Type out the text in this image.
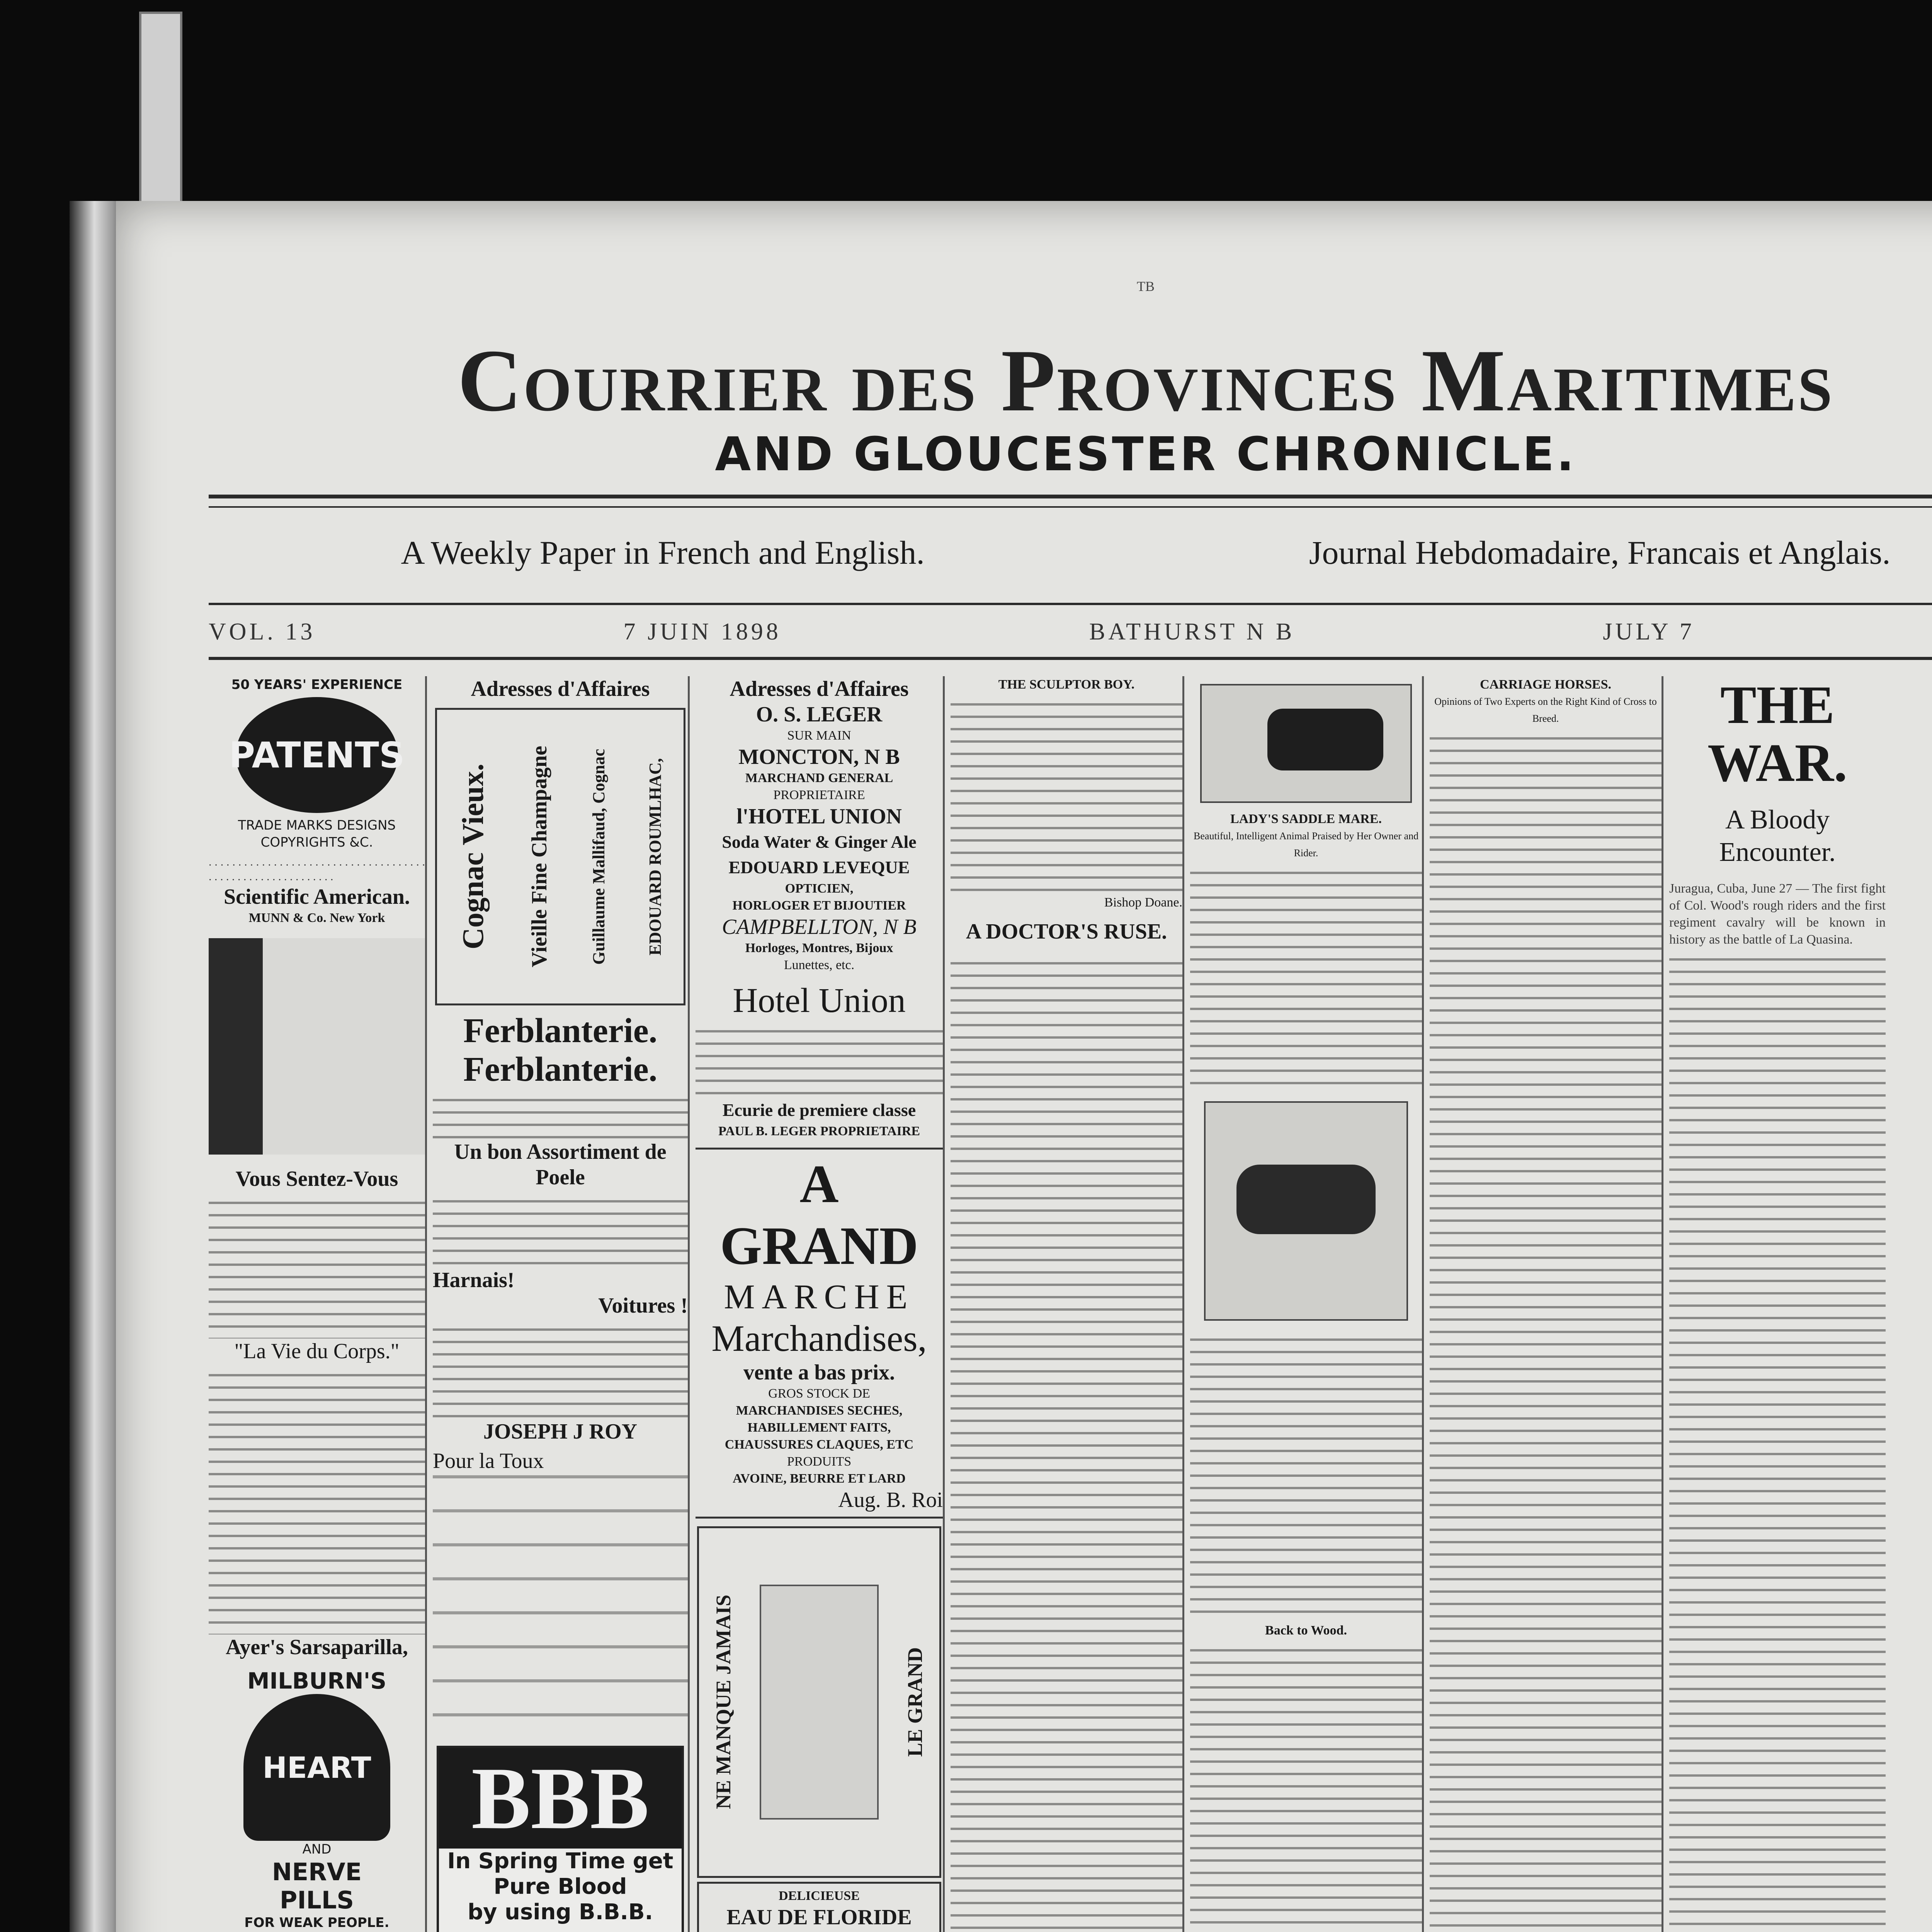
TB
Courrier des Provinces Maritimes
AND GLOUCESTER CHRONICLE.
A Weekly Paper in French and English.	Journal Hebdomadaire, Francais et Anglais.
VOL. 13	7 JUIN 1898	BATHURST N B	JULY 7
50 YEARS' EXPERIENCE
PATENTS
TRADE MARKS DESIGNS COPYRIGHTS &C.
. . . . . . . . . . . . . . . . . . . . . . . . . . . . . . . . . . . . . . . . . . . . . . . . . . . . . . . . . . .
Scientific American.
MUNN & Co. New York
Vous Sentez-Vous
"La Vie du Corps."
Ayer's Sarsaparilla,
MILBURN'S
HEART
AND
NERVE PILLS
FOR WEAK PEOPLE.
Adresses d'Affaires
Cognac Vieux. Vieille Fine Champagne Guillaume Mallifaud, Cognac EDOUARD ROUMLHAC,
Ferblanterie.
Ferblanterie.
Un bon Assortiment de Poele
Harnais!
Voitures !
JOSEPH J ROY
Pour la Toux
BBB
In Spring Time get Pure Blood
by using B.B.B.
Adresses d'Affaires
O. S. LEGER
SUR MAIN
MONCTON, N B
MARCHAND GENERAL
PROPRIETAIRE
l'HOTEL UNION
Soda Water & Ginger Ale
EDOUARD LEVEQUE
OPTICIEN,
HORLOGER ET BIJOUTIER
CAMPBELLTON, N B
Horloges, Montres, Bijoux
Lunettes, etc.
Hotel Union
Ecurie de premiere classe
PAUL B. LEGER PROPRIETAIRE
A GRAND
MARCHE
Marchandises,
vente a bas prix.
GROS STOCK DE
MARCHANDISES SECHES,
HABILLEMENT FAITS,
CHAUSSURES CLAQUES, ETC
PRODUITS
AVOINE, BEURRE ET LARD
Aug. B. Roi
NE MANQUE JAMAIS	LE GRAND
DELICIEUSE
EAU DE FLORIDE
THE SCULPTOR BOY.
Bishop Doane.
A DOCTOR'S RUSE.
LADY'S SADDLE MARE.
Beautiful, Intelligent Animal Praised by Her Owner and Rider.
Back to Wood.
CARRIAGE HORSES.
Opinions of Two Experts on the Right Kind of Cross to Breed.	THE WAR.
A Bloody Encounter.
Juragua, Cuba, June 27 — The first fight of Col. Wood's rough riders and the first regiment cavalry will be known in history as the battle of La Quasina.
